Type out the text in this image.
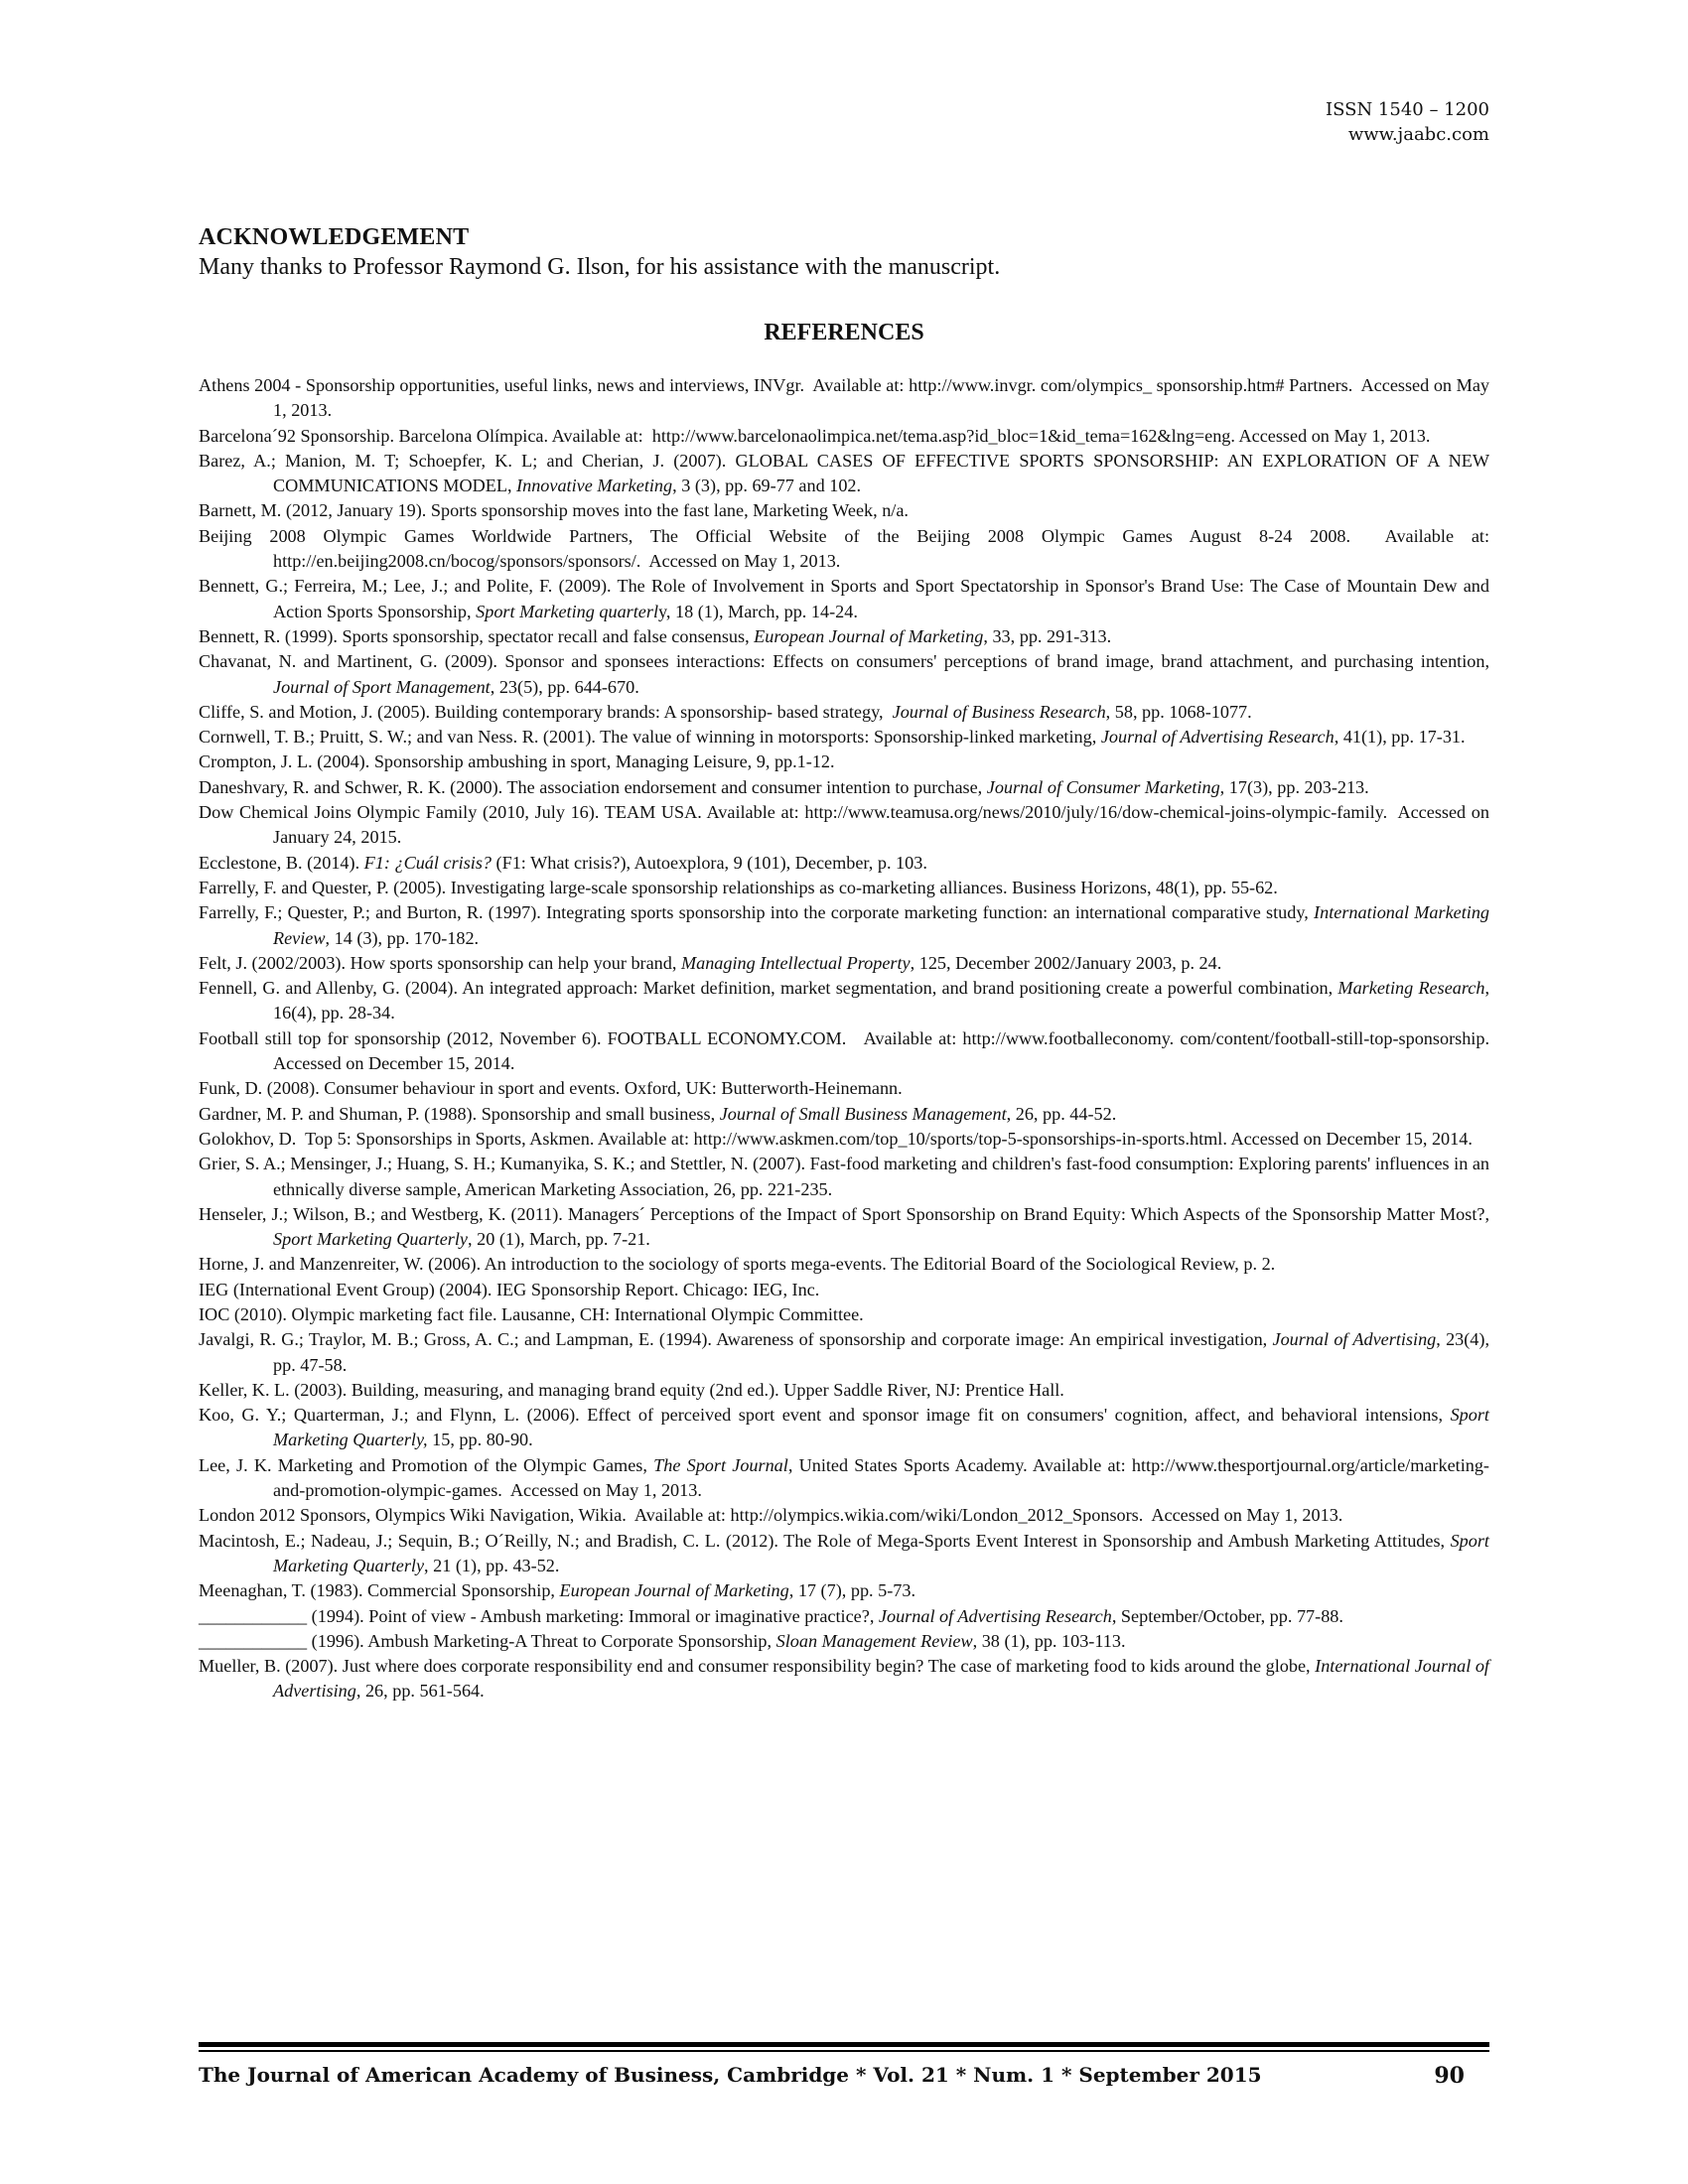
ISSN 1540 – 1200
www.jaabc.com
ACKNOWLEDGEMENT

Many thanks to Professor Raymond G. Ilson, for his assistance with the manuscript.

REFERENCES
Athens 2004 - Sponsorship opportunities, useful links, news and interviews, INVgr.  Available at: http://www.invgr. com/olympics_ sponsorship.htm# Partners.  Accessed on May 1, 2013.
Barcelona´92 Sponsorship. Barcelona Olímpica. Available at:  http://www.barcelonaolimpica.net/tema.asp?id_bloc=1&id_tema=162&lng=eng. Accessed on May 1, 2013.
Barez, A.; Manion, M. T; Schoepfer, K. L; and Cherian, J. (2007). GLOBAL CASES OF EFFECTIVE SPORTS SPONSORSHIP: AN EXPLORATION OF A NEW COMMUNICATIONS MODEL, Innovative Marketing, 3 (3), pp. 69-77 and 102.
Barnett, M. (2012, January 19). Sports sponsorship moves into the fast lane, Marketing Week, n/a.
Beijing 2008 Olympic Games Worldwide Partners, The Official Website of the Beijing 2008 Olympic Games August 8-24 2008.  Available at: http://en.beijing2008.cn/bocog/sponsors/sponsors/.  Accessed on May 1, 2013.
Bennett, G.; Ferreira, M.; Lee, J.; and Polite, F. (2009). The Role of Involvement in Sports and Sport Spectatorship in Sponsor's Brand Use: The Case of Mountain Dew and Action Sports Sponsorship, Sport Marketing quarterly, 18 (1), March, pp. 14-24.
Bennett, R. (1999). Sports sponsorship, spectator recall and false consensus, European Journal of Marketing, 33, pp. 291-313.
Chavanat, N. and Martinent, G. (2009). Sponsor and sponsees interactions: Effects on consumers' perceptions of brand image, brand attachment, and purchasing intention, Journal of Sport Management, 23(5), pp. 644-670.
Cliffe, S. and Motion, J. (2005). Building contemporary brands: A sponsorship- based strategy,  Journal of Business Research, 58, pp. 1068-1077.
Cornwell, T. B.; Pruitt, S. W.; and van Ness. R. (2001). The value of winning in motorsports: Sponsorship-linked marketing, Journal of Advertising Research, 41(1), pp. 17-31.
Crompton, J. L. (2004). Sponsorship ambushing in sport, Managing Leisure, 9, pp.1-12.
Daneshvary, R. and Schwer, R. K. (2000). The association endorsement and consumer intention to purchase, Journal of Consumer Marketing, 17(3), pp. 203-213.
Dow Chemical Joins Olympic Family (2010, July 16). TEAM USA. Available at: http://www.teamusa.org/news/2010/july/16/dow-chemical-joins-olympic-family.  Accessed on January 24, 2015.
Ecclestone, B. (2014). F1: ¿Cuál crisis? (F1: What crisis?), Autoexplora, 9 (101), December, p. 103.
Farrelly, F. and Quester, P. (2005). Investigating large-scale sponsorship relationships as co-marketing alliances. Business Horizons, 48(1), pp. 55-62.
Farrelly, F.; Quester, P.; and Burton, R. (1997). Integrating sports sponsorship into the corporate marketing function: an international comparative study, International Marketing Review, 14 (3), pp. 170-182.
Felt, J. (2002/2003). How sports sponsorship can help your brand, Managing Intellectual Property, 125, December 2002/January 2003, p. 24.
Fennell, G. and Allenby, G. (2004). An integrated approach: Market definition, market segmentation, and brand positioning create a powerful combination, Marketing Research, 16(4), pp. 28-34.
Football still top for sponsorship (2012, November 6). FOOTBALL ECONOMY.COM.   Available at: http://www.footballeconomy. com/content/football-still-top-sponsorship.  Accessed on December 15, 2014.
Funk, D. (2008). Consumer behaviour in sport and events. Oxford, UK: Butterworth-Heinemann.
Gardner, M. P. and Shuman, P. (1988). Sponsorship and small business, Journal of Small Business Management, 26, pp. 44-52.
Golokhov, D.  Top 5: Sponsorships in Sports, Askmen. Available at: http://www.askmen.com/top_10/sports/top-5-sponsorships-in-sports.html. Accessed on December 15, 2014.
Grier, S. A.; Mensinger, J.; Huang, S. H.; Kumanyika, S. K.; and Stettler, N. (2007). Fast-food marketing and children's fast-food consumption: Exploring parents' influences in an ethnically diverse sample, American Marketing Association, 26, pp. 221-235.
Henseler, J.; Wilson, B.; and Westberg, K. (2011). Managers´ Perceptions of the Impact of Sport Sponsorship on Brand Equity: Which Aspects of the Sponsorship Matter Most?, Sport Marketing Quarterly, 20 (1), March, pp. 7-21.
Horne, J. and Manzenreiter, W. (2006). An introduction to the sociology of sports mega-events. The Editorial Board of the Sociological Review, p. 2.
IEG (International Event Group) (2004). IEG Sponsorship Report. Chicago: IEG, Inc.
IOC (2010). Olympic marketing fact file. Lausanne, CH: International Olympic Committee.
Javalgi, R. G.; Traylor, M. B.; Gross, A. C.; and Lampman, E. (1994). Awareness of sponsorship and corporate image: An empirical investigation, Journal of Advertising, 23(4), pp. 47-58.
Keller, K. L. (2003). Building, measuring, and managing brand equity (2nd ed.). Upper Saddle River, NJ: Prentice Hall.
Koo, G. Y.; Quarterman, J.; and Flynn, L. (2006). Effect of perceived sport event and sponsor image fit on consumers' cognition, affect, and behavioral intensions, Sport Marketing Quarterly, 15, pp. 80-90.
Lee, J. K. Marketing and Promotion of the Olympic Games, The Sport Journal, United States Sports Academy. Available at: http://www.thesportjournal.org/article/marketing-and-promotion-olympic-games.  Accessed on May 1, 2013.
London 2012 Sponsors, Olympics Wiki Navigation, Wikia.  Available at: http://olympics.wikia.com/wiki/London_2012_Sponsors.  Accessed on May 1, 2013.
Macintosh, E.; Nadeau, J.; Sequin, B.; O´Reilly, N.; and Bradish, C. L. (2012). The Role of Mega-Sports Event Interest in Sponsorship and Ambush Marketing Attitudes, Sport Marketing Quarterly, 21 (1), pp. 43-52.
Meenaghan, T. (1983). Commercial Sponsorship, European Journal of Marketing, 17 (7), pp. 5-73.
____________ (1994). Point of view - Ambush marketing: Immoral or imaginative practice?, Journal of Advertising Research, September/October, pp. 77-88.
____________ (1996). Ambush Marketing-A Threat to Corporate Sponsorship, Sloan Management Review, 38 (1), pp. 103-113.
Mueller, B. (2007). Just where does corporate responsibility end and consumer responsibility begin? The case of marketing food to kids around the globe, International Journal of Advertising, 26, pp. 561-564.
The Journal of American Academy of Business, Cambridge * Vol. 21 * Num. 1 * September 2015	90
